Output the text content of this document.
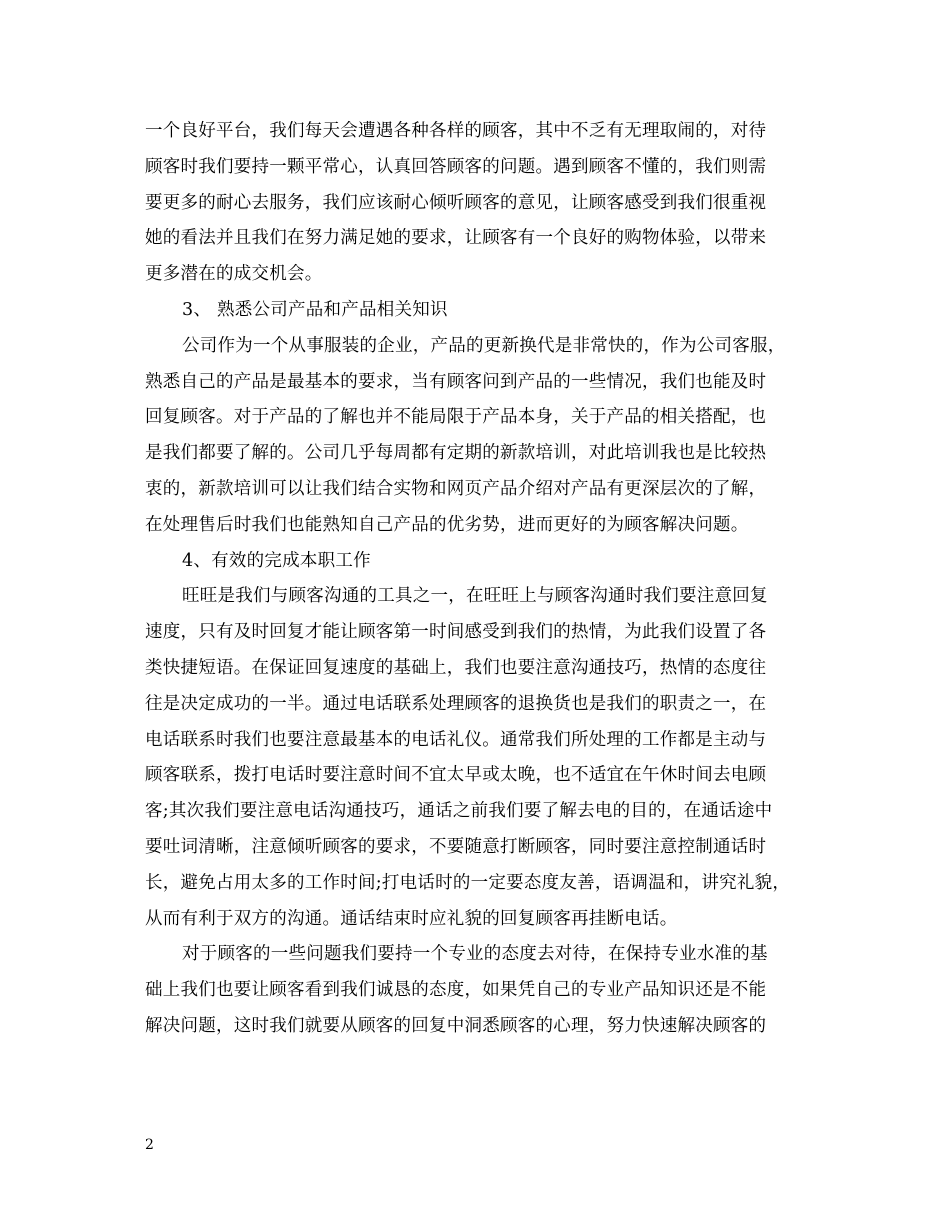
一个良好平台，我们每天会遭遇各种各样的顾客，其中不乏有无理取闹的，对待
顾客时我们要持一颗平常心，认真回答顾客的问题。遇到顾客不懂的，我们则需
要更多的耐心去服务，我们应该耐心倾听顾客的意见，让顾客感受到我们很重视
她的看法并且我们在努力满足她的要求，让顾客有一个良好的购物体验，以带来
更多潜在的成交机会。
3、 熟悉公司产品和产品相关知识
公司作为一个从事服装的企业，产品的更新换代是非常快的，作为公司客服，
熟悉自己的产品是最基本的要求，当有顾客问到产品的一些情况，我们也能及时
回复顾客。对于产品的了解也并不能局限于产品本身，关于产品的相关搭配，也
是我们都要了解的。公司几乎每周都有定期的新款培训，对此培训我也是比较热
衷的，新款培训可以让我们结合实物和网页产品介绍对产品有更深层次的了解，
在处理售后时我们也能熟知自己产品的优劣势，进而更好的为顾客解决问题。
4、有效的完成本职工作
旺旺是我们与顾客沟通的工具之一，在旺旺上与顾客沟通时我们要注意回复
速度，只有及时回复才能让顾客第一时间感受到我们的热情，为此我们设置了各
类快捷短语。在保证回复速度的基础上，我们也要注意沟通技巧，热情的态度往
往是决定成功的一半。通过电话联系处理顾客的退换货也是我们的职责之一，在
电话联系时我们也要注意最基本的电话礼仪。通常我们所处理的工作都是主动与
顾客联系，拨打电话时要注意时间不宜太早或太晚，也不适宜在午休时间去电顾
客;其次我们要注意电话沟通技巧，通话之前我们要了解去电的目的，在通话途中
要吐词清晰，注意倾听顾客的要求，不要随意打断顾客，同时要注意控制通话时
长，避免占用太多的工作时间;打电话时的一定要态度友善，语调温和，讲究礼貌，
从而有利于双方的沟通。通话结束时应礼貌的回复顾客再挂断电话。
对于顾客的一些问题我们要持一个专业的态度去对待，在保持专业水准的基
础上我们也要让顾客看到我们诚恳的态度，如果凭自己的专业产品知识还是不能
解决问题，这时我们就要从顾客的回复中洞悉顾客的心理，努力快速解决顾客的
2
